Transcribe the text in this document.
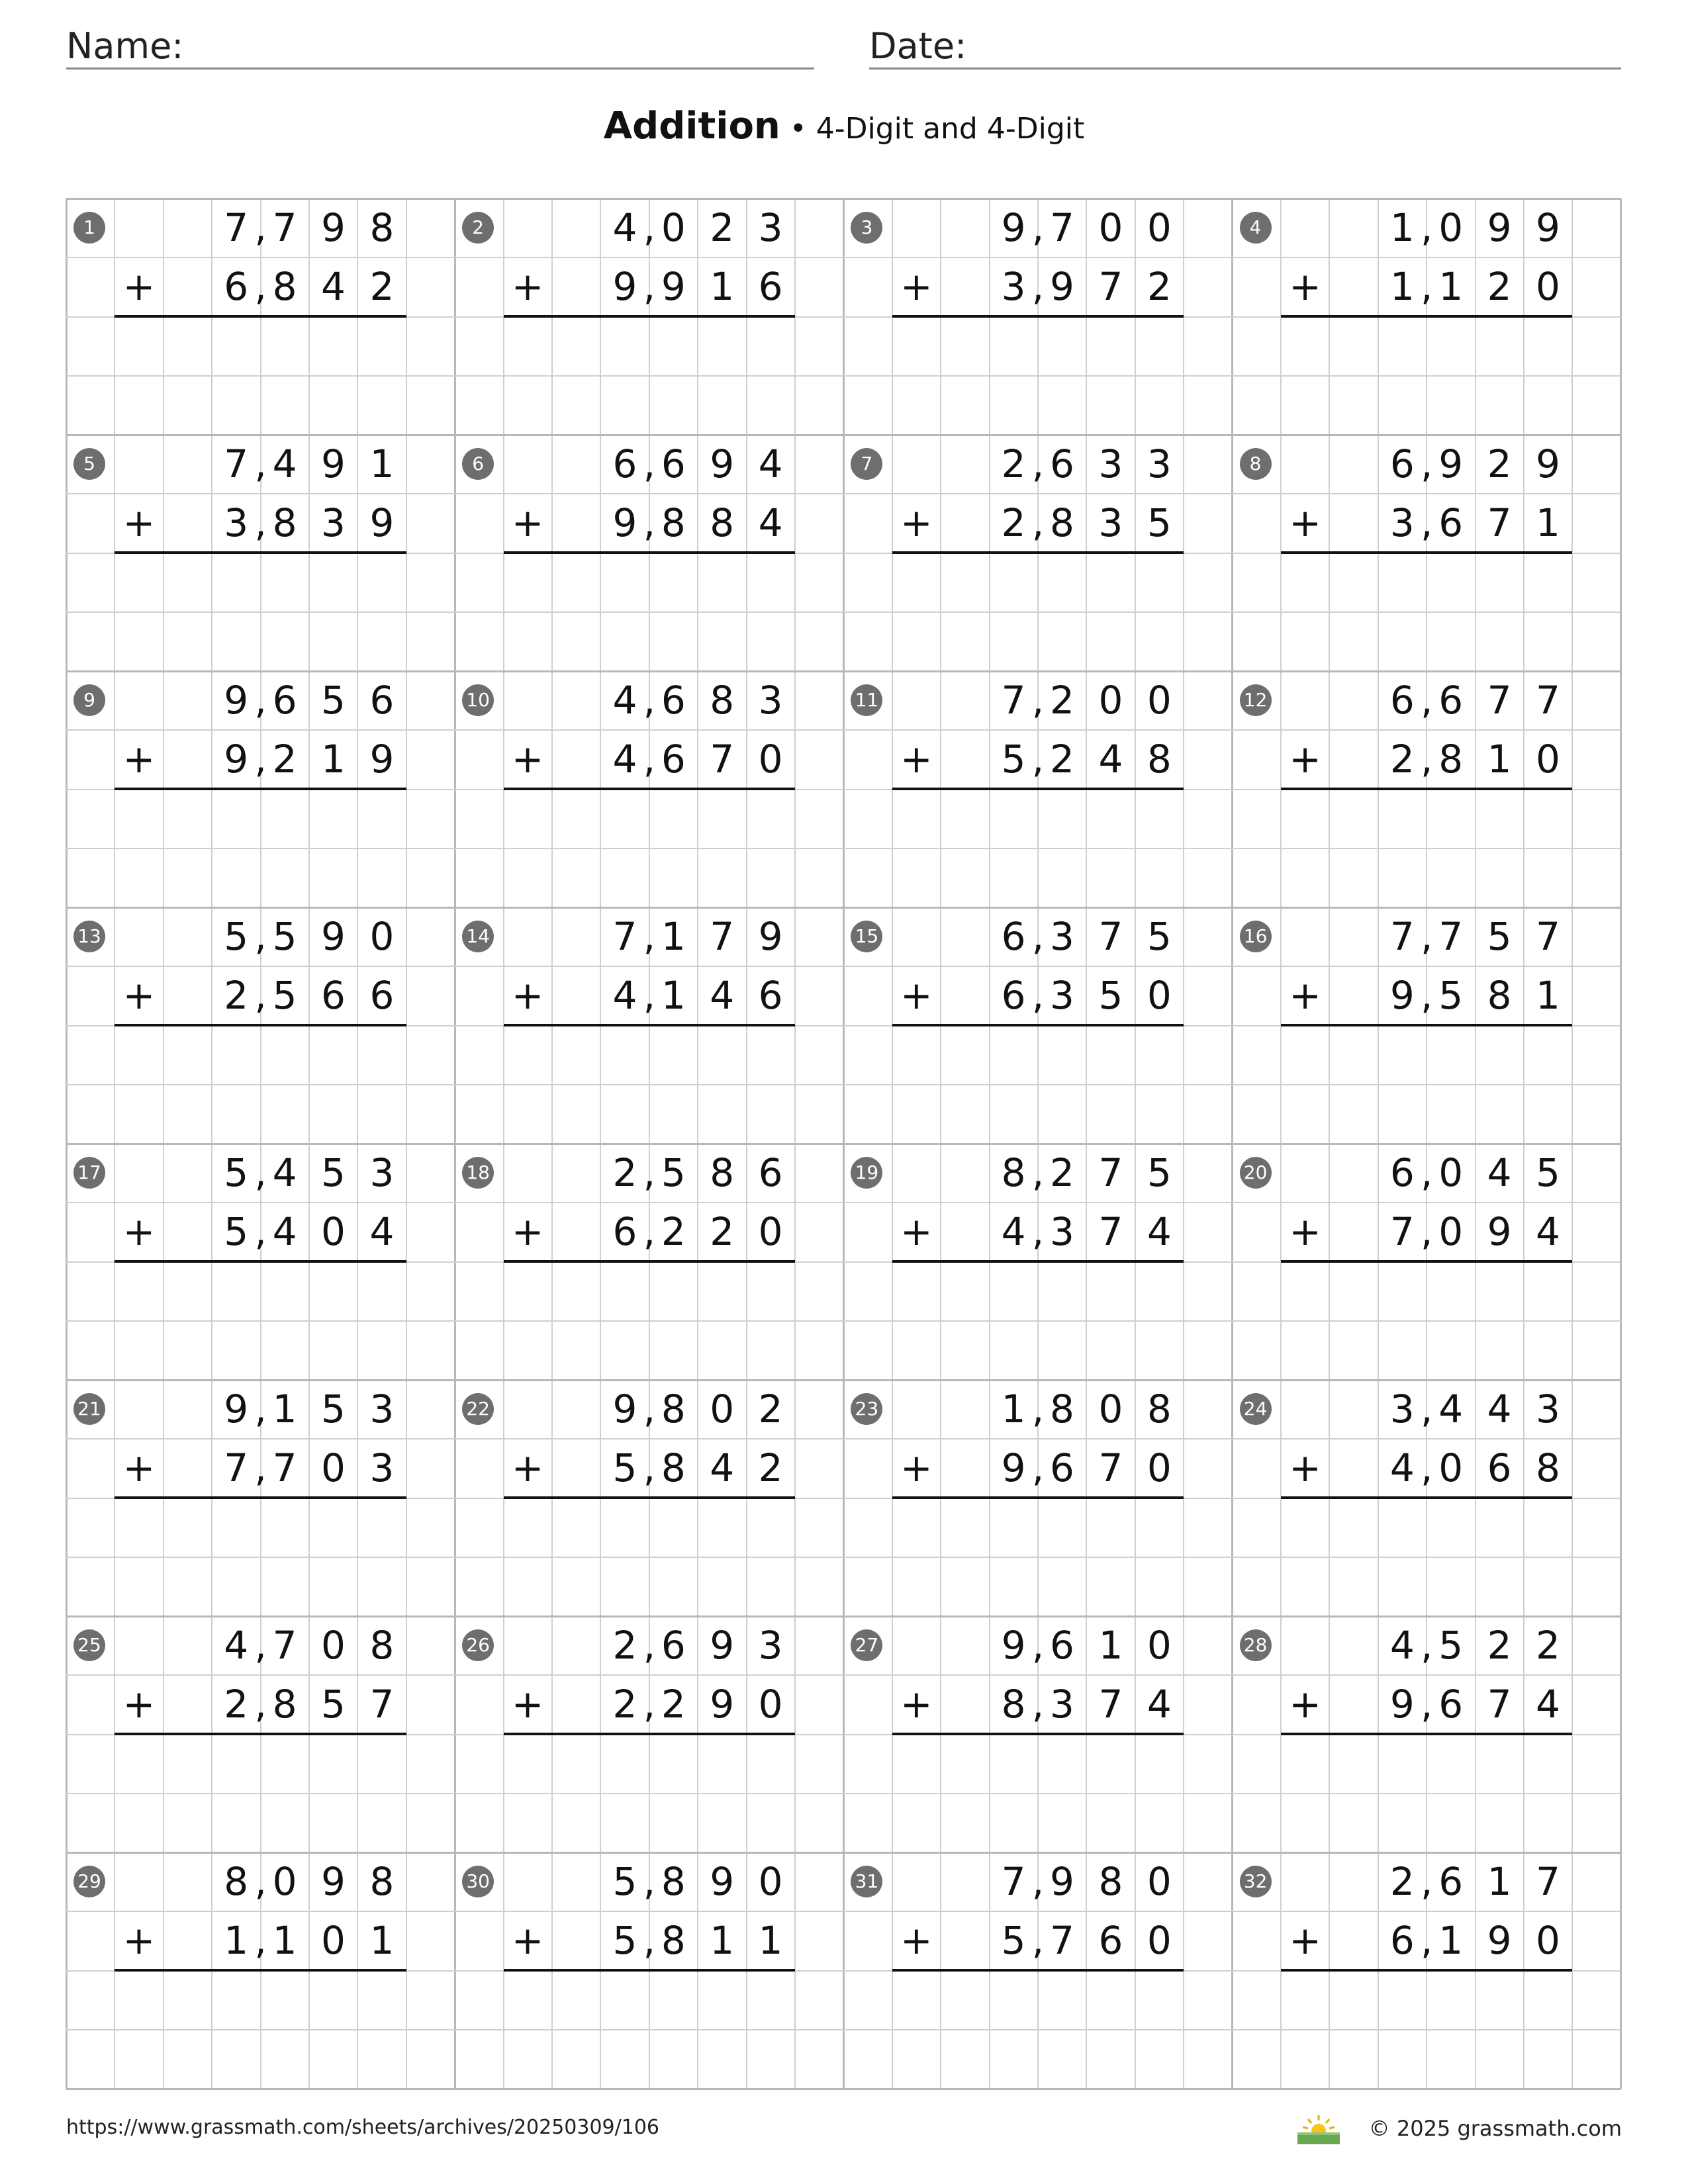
Name:	Date:
Addition • 4-Digit and 4-Digit
1	7 7 9 8
,
6 8 4 2
,
+
2	4 0 2 3
,
9 9 1 6
,
+
3	9 7 0 0
,
3 9 7 2
,
+
4	1 0 9 9
,
1 1 2 0
,
+
5	7 4 9 1
,
3 8 3 9
,
+
6	6 6 9 4
,
9 8 8 4
,
+
7	2 6 3 3
,
2 8 3 5
,
+
8	6 9 2 9
,
3 6 7 1
,
+
9	9 6 5 6
,
9 2 1 9
,
+
10	4 6 8 3
,
4 6 7 0
,
+
11	7 2 0 0
,
5 2 4 8
,
+
12	6 6 7 7
,
2 8 1 0
,
+
13	5 5 9 0
,
2 5 6 6
,
+
14	7 1 7 9
,
4 1 4 6
,
+
15	6 3 7 5
,
6 3 5 0
,
+
16	7 7 5 7
,
9 5 8 1
,
+
17	5 4 5 3
,
5 4 0 4
,
+
18	2 5 8 6
,
6 2 2 0
,
+
19	8 2 7 5
,
4 3 7 4
,
+
20	6 0 4 5
,
7 0 9 4
,
+
21	9 1 5 3
,
7 7 0 3
,
+
22	9 8 0 2
,
5 8 4 2
,
+
23	1 8 0 8
,
9 6 7 0
,
+
24	3 4 4 3
,
4 0 6 8
,
+
25	4 7 0 8
,
2 8 5 7
,
+
26	2 6 9 3
,
2 2 9 0
,
+
27	9 6 1 0
,
8 3 7 4
,
+
28	4 5 2 2
,
9 6 7 4
,
+
29	8 0 9 8
,
1 1 0 1
,
+
30	5 8 9 0
,
5 8 1 1
,
+
31	7 9 8 0
,
5 7 6 0
,
+
32	2 6 1 7
,
6 1 9 0
,
+
https://www.grassmath.com/sheets/archives/20250309/106	© 2025 grassmath.com
